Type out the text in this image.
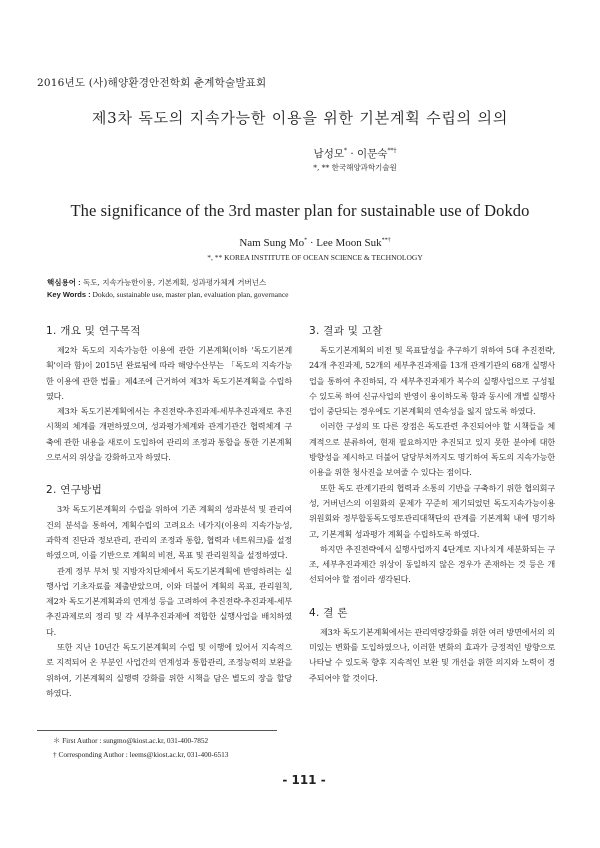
2016년도 (사)해양환경안전학회 춘계학술발표회
제3차 독도의 지속가능한 이용을 위한 기본계획 수립의 의의
남성모* · 이문숙**†
*, ** 한국해양과학기술원
The significance of the 3rd master plan for sustainable use of Dokdo
Nam Sung Mo* · Lee Moon Suk**†
*, ** KOREA INSTITUTE OF OCEAN SCIENCE & TECHNOLOGY
핵심용어 : 독도, 지속가능한이용, 기본계획, 성과평가체계 거버넌스
Key Words : Dokdo, sustainable use, master plan, evaluation plan, governance
1. 개요 및 연구목적

제2차 독도의 지속가능한 이용에 관한 기본계획(이하 '독도기본계획'이라 함)이 2015년 완료됨에 따라 해양수산부는 「독도의 지속가능한 이용에 관한 법률」제4조에 근거하여 제3차 독도기본계획을 수립하였다.

제3차 독도기본계획에서는 추진전략-추진과제-세부추진과제로 추진 시책의 체계를 개편하였으며, 성과평가체계와 관계기관간 협력체계 구축에 관한 내용을 새로이 도입하여 관리의 조정과 통합을 통한 기본계획으로서의 위상을 강화하고자 하였다.

2. 연구방법

3차 독도기본계획의 수립을 위하여 기존 계획의 성과분석 및 관리여건의 분석을 통하여, 계획수립의 고려요소 네가지(이용의 지속가능성, 과학적 진단과 정보관리, 관리의 조정과 통합, 협력과 네트워크)를 설정하였으며, 이를 기반으로 계획의 비전, 목표 및 관리원칙을 설정하였다.

관계 정부 부처 및 지방자치단체에서 독도기본계획에 반영하려는 실행사업 기초자료를 제출받았으며, 이와 더불어 계획의 목표, 관리원칙, 제2차 독도기본계획과의 연계성 등을 고려하여 추진전략-추진과제-세부추진과제로의 정리 및 각 세부추진과제에 적합한 실행사업을 배치하였다.

또한 지난 10년간 독도기본계획의 수립 및 이행에 있어서 지속적으로 지적되어 온 부분인 사업간의 연계성과 통합관리, 조정능력의 보완을 위하여, 기본계획의 실행력 강화를 위한 시책을 담은 별도의 장을 할당하였다.

3. 결과 및 고찰

독도기본계획의 비전 및 목표달성을 추구하기 위하여 5대 추진전략, 24개 추진과제, 52개의 세부추진과제를 13개 관계기관의 68개 실행사업을 통하여 추진하되, 각 세부추진과제가 복수의 실행사업으로 구성될 수 있도록 하여 신규사업의 반영이 용이하도록 함과 동시에 개별 실행사업이 중단되는 경우에도 기본계획의 연속성을 잃지 않도록 하였다.

이러한 구성의 또 다른 장점은 독도관련 추진되어야 할 시책들을 체계적으로 분류하여, 현재 필요하지만 추진되고 있지 못한 분야에 대한 방향성을 제시하고 더불어 담당부처까지도 명기하여 독도의 지속가능한 이용을 위한 청사진을 보여줄 수 있다는 점이다.

또한 독도 관계기관의 협력과 소통의 기반을 구축하기 위한 협의회구성, 거버넌스의 이원화의 문제가 꾸준히 제기되었던 독도지속가능이용위원회와 정부합동독도영토관리대책단의 관계를 기본계획 내에 명기하고, 기본계획 성과평가 계획을 수립하도록 하였다.

하지만 추진전략에서 실행사업까지 4단계로 지나치게 세분화되는 구조, 세부추진과제간 위상이 동일하지 않은 경우가 존재하는 것 등은 개선되어야 할 점이라 생각된다.

4. 결 론

제3차 독도기본계획에서는 관리역량강화를 위한 여러 방면에서의 의미있는 변화를 도입하였으나, 이러한 변화의 효과가 긍정적인 방향으로 나타날 수 있도록 향후 지속적인 보완 및 개선을 위한 의지와 노력이 경주되어야 할 것이다.

＊ First Author : sungmo@kiost.ac.kr, 031-400-7852
† Corresponding Author : leems@kiost.ac.kr, 031-400-6513
- 111 -
